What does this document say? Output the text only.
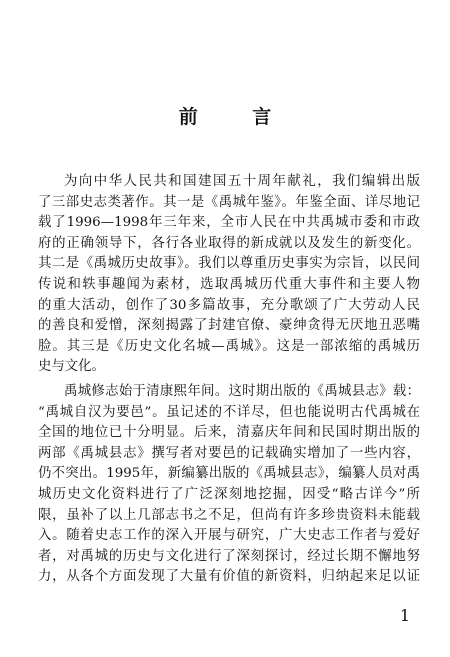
前 言
为向中华人民共和国建国五十周年献礼，我们编辑出版
了三部史志类著作。其一是《禹城年鉴》。年鉴全面、详尽地记
载了1996—1998年三年来，全市人民在中共禹城市委和市政
府的正确领导下，各行各业取得的新成就以及发生的新变化。
其二是《禹城历史故事》。我们以尊重历史事实为宗旨，以民间
传说和轶事趣闻为素材，选取禹城历代重大事件和主要人物
的重大活动，创作了30多篇故事，充分歌颂了广大劳动人民
的善良和爱憎，深刻揭露了封建官僚、豪绅贪得无厌地丑恶嘴
脸。其三是《历史文化名城—禹城》。这是一部浓缩的禹城历
史与文化。
禹城修志始于清康熙年间。这时期出版的《禹城县志》载：
“禹城自汉为要邑”。虽记述的不详尽，但也能说明古代禹城在
全国的地位已十分明显。后来，清嘉庆年间和民国时期出版的
两部《禹城县志》撰写者对要邑的记载确实增加了一些内容，
仍不突出。1995年，新编纂出版的《禹城县志》，编纂人员对禹
城历史文化资料进行了广泛深刻地挖掘，因受“略古详今”所
限，虽补了以上几部志书之不足，但尚有许多珍贵资料未能载
入。随着史志工作的深入开展与研究，广大史志工作者与爱好
者，对禹城的历史与文化进行了深刻探讨，经过长期不懈地努
力，从各个方面发现了大量有价值的新资料，归纳起来足以证
1
